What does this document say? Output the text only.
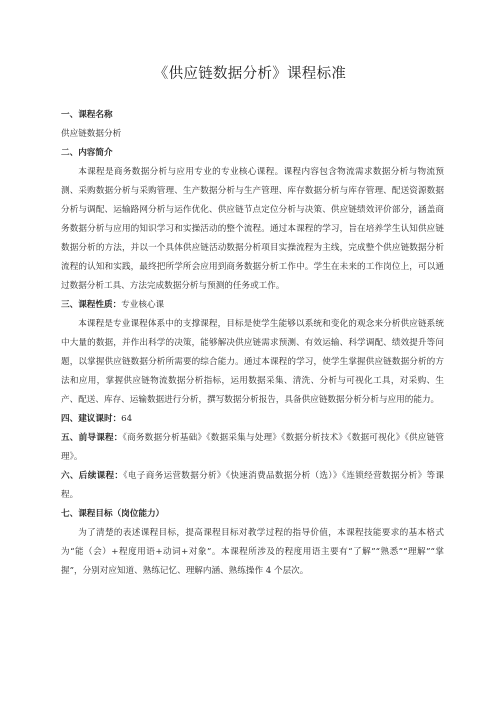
《供应链数据分析》课程标准

一、课程名称

供应链数据分析

二、内容简介

本课程是商务数据分析与应用专业的专业核心课程。课程内容包含物流需求数据分析与物流预测、采购数据分析与采购管理、生产数据分析与生产管理、库存数据分析与库存管理、配送资源数据分析与调配、运输路网分析与运作优化、供应链节点定位分析与决策、供应链绩效评价部分，涵盖商务数据分析与应用的知识学习和实操活动的整个流程。通过本课程的学习，旨在培养学生认知供应链数据分析的方法，并以一个具体供应链活动数据分析项目实操流程为主线，完成整个供应链数据分析流程的认知和实践，最终把所学所会应用到商务数据分析工作中。学生在未来的工作岗位上，可以通过数据分析工具、方法完成数据分析与预测的任务或工作。

三、课程性质：专业核心课

本课程是专业课程体系中的支撑课程，目标是使学生能够以系统和变化的观念来分析供应链系统中大量的数据，并作出科学的决策，能够解决供应链需求预测、有效运输、科学调配、绩效提升等问题，以掌握供应链数据分析所需要的综合能力。通过本课程的学习，使学生掌握供应链数据分析的方法和应用，掌握供应链物流数据分析指标，运用数据采集、清洗、分析与可视化工具，对采购、生产、配送、库存、运输数据进行分析，撰写数据分析报告，具备供应链数据分析分析与应用的能力。

四、建议课时：64

五、前导课程：《商务数据分析基础》《数据采集与处理》《数据分析技术》《数据可视化》《供应链管理》。

六、后续课程：《电子商务运营数据分析》《快速消费品数据分析（选）》《连锁经营数据分析》等课程。

七、课程目标（岗位能力）

为了清楚的表述课程目标，提高课程目标对教学过程的指导价值，本课程技能要求的基本格式为“能（会）+程度用语+动词+对象”。本课程所涉及的程度用语主要有“了解”“熟悉”“理解”“掌握”，分别对应知道、熟练记忆、理解内涵、熟练操作 4 个层次。
